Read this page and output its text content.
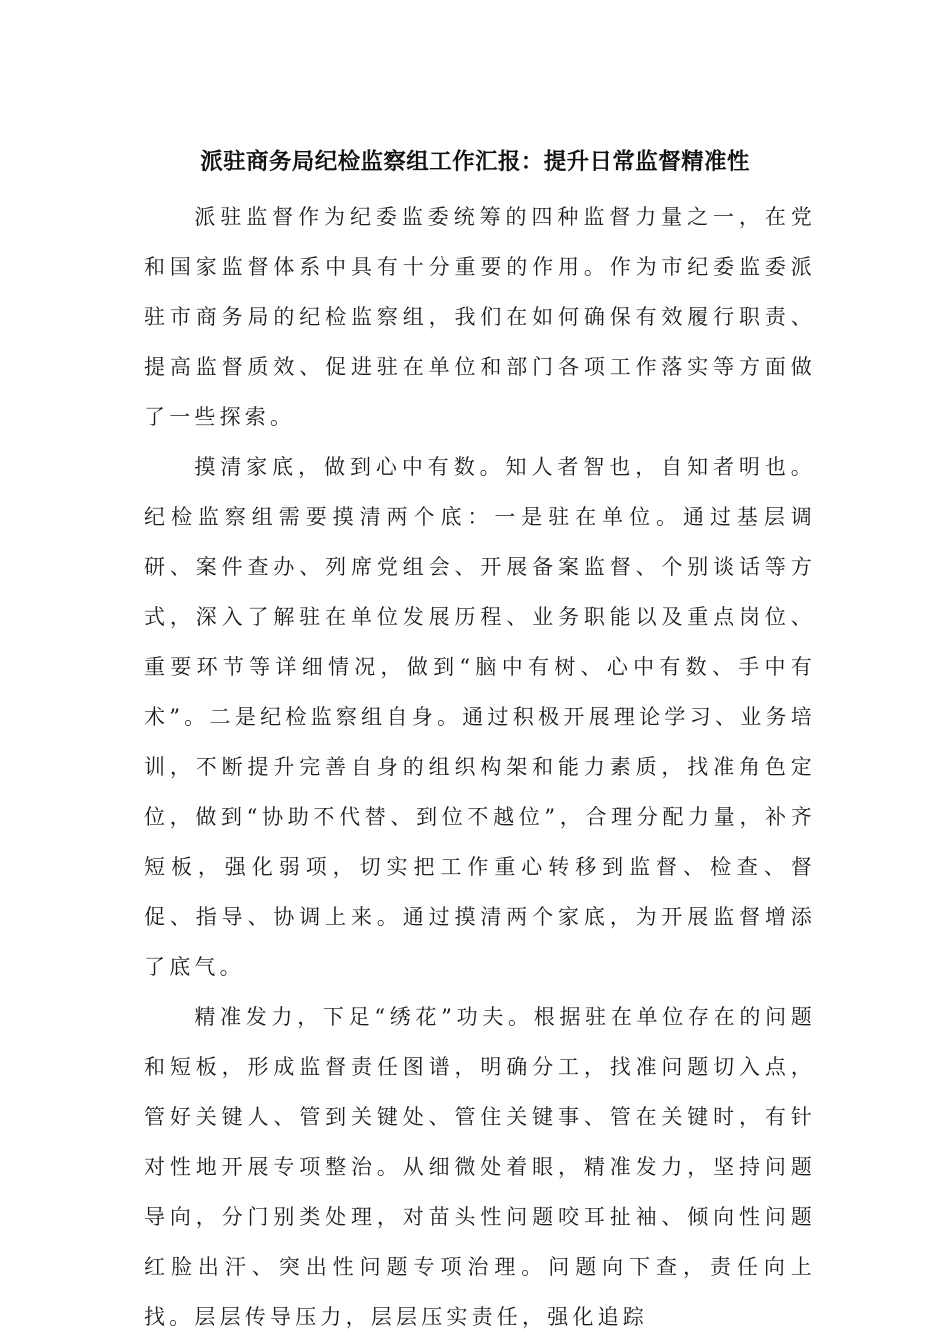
派驻商务局纪检监察组工作汇报：提升日常监督精准性

派驻监督作为纪委监委统筹的四种监督力量之一，在党和国家监督体系中具有十分重要的作用。作为市纪委监委派驻市商务局的纪检监察组，我们在如何确保有效履行职责、提高监督质效、促进驻在单位和部门各项工作落实等方面做了一些探索。

摸清家底，做到心中有数。知人者智也，自知者明也。纪检监察组需要摸清两个底：一是驻在单位。通过基层调研、案件查办、列席党组会、开展备案监督、个别谈话等方式，深入了解驻在单位发展历程、业务职能以及重点岗位、重要环节等详细情况，做到“脑中有树、心中有数、手中有术”。二是纪检监察组自身。通过积极开展理论学习、业务培训，不断提升完善自身的组织构架和能力素质，找准角色定位，做到“协助不代替、到位不越位”，合理分配力量，补齐短板，强化弱项，切实把工作重心转移到监督、检查、督促、指导、协调上来。通过摸清两个家底，为开展监督增添了底气。

精准发力，下足“绣花”功夫。根据驻在单位存在的问题和短板，形成监督责任图谱，明确分工，找准问题切入点，管好关键人、管到关键处、管住关键事、管在关键时，有针对性地开展专项整治。从细微处着眼，精准发力，坚持问题导向，分门别类处理，对苗头性问题咬耳扯袖、倾向性问题红脸出汗、突出性问题专项治理。问题向下查，责任向上找。层层传导压力，层层压实责任，强化追踪
